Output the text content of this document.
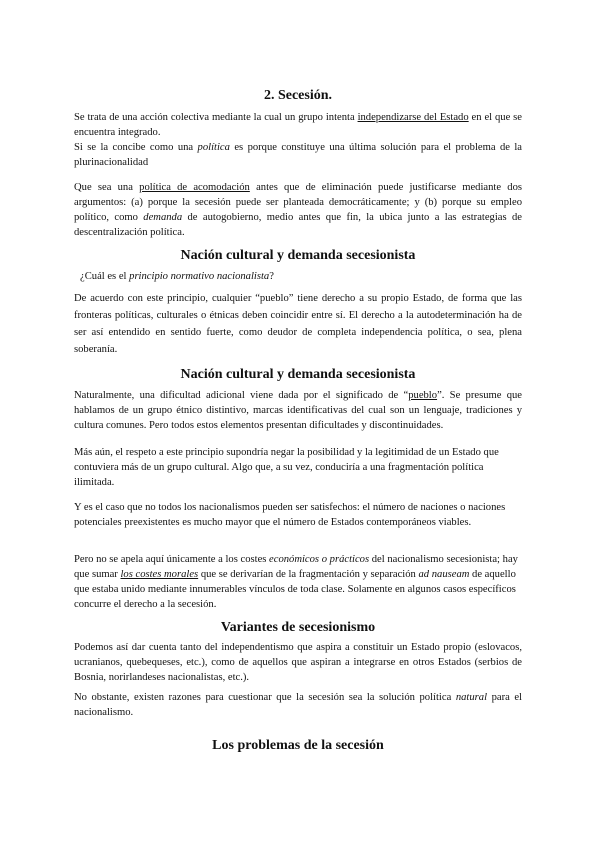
2. Secesión.

Se trata de una acción colectiva mediante la cual un grupo intenta independizarse del Estado en el que se encuentra integrado.

Si se la concibe como una política es porque constituye una última solución para el problema de la plurinacionalidad

Que sea una política de acomodación antes que de eliminación puede justificarse mediante dos argumentos: (a) porque la secesión puede ser planteada democráticamente; y (b) porque su empleo político, como demanda de autogobierno, medio antes que fin, la ubica junto a las estrategias de descentralización política.

Nación cultural y demanda secesionista

¿Cuál es el principio normativo nacionalista?

De acuerdo con este principio, cualquier “pueblo” tiene derecho a su propio Estado, de forma que las fronteras políticas, culturales o étnicas deben coincidir entre sí. El derecho a la autodeterminación ha de ser así entendido en sentido fuerte, como deudor de completa independencia política, o sea, plena soberanía.

Nación cultural y demanda secesionista

Naturalmente, una dificultad adicional viene dada por el significado de “pueblo”. Se presume que hablamos de un grupo étnico distintivo, marcas identificativas del cual son un lenguaje, tradiciones y cultura comunes. Pero todos estos elementos presentan dificultades y discontinuidades.

Más aún, el respeto a este principio supondría negar la posibilidad y la legitimidad de un Estado que contuviera más de un grupo cultural. Algo que, a su vez, conduciría a una fragmentación política ilimitada.

Y es el caso que no todos los nacionalismos pueden ser satisfechos: el número de naciones o naciones potenciales preexistentes es mucho mayor que el número de Estados contemporáneos viables.

Pero no se apela aquí únicamente a los costes económicos o prácticos del nacionalismo secesionista; hay que sumar los costes morales que se derivarían de la fragmentación y separación ad nauseam de aquello que estaba unido mediante innumerables vínculos de toda clase. Solamente en algunos casos específicos concurre el derecho a la secesión.

Variantes de secesionismo

Podemos así dar cuenta tanto del independentismo que aspira a constituir un Estado propio (eslovacos, ucranianos, quebequeses, etc.), como de aquellos que aspiran a integrarse en otros Estados (serbios de Bosnia, norirlandeses nacionalistas, etc.).

No obstante, existen razones para cuestionar que la secesión sea la solución política natural para el nacionalismo.

Los problemas de la secesión
